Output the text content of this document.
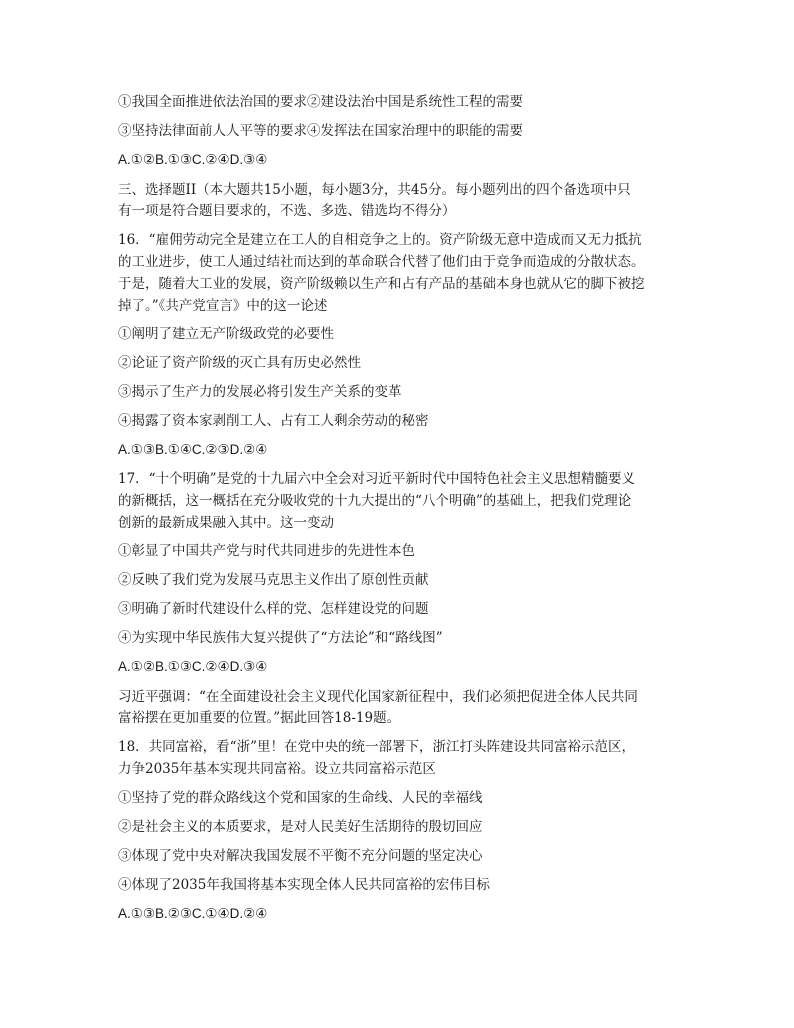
①我国全面推进依法治国的要求②建设法治中国是系统性工程的需要
③坚持法律面前人人平等的要求④发挥法在国家治理中的职能的需要
A.①②B.①③C.②④D.③④
三、选择题II（本大题共15小题，每小题3分，共45分。每小题列出的四个备选项中只
有一项是符合题目要求的，不选、多选、错选均不得分）
16．“雇佣劳动完全是建立在工人的自相竞争之上的。资产阶级无意中造成而又无力抵抗
的工业进步，使工人通过结社而达到的革命联合代替了他们由于竞争而造成的分散状态。
于是，随着大工业的发展，资产阶级赖以生产和占有产品的基础本身也就从它的脚下被挖
掉了。”《共产党宣言》中的这一论述
①阐明了建立无产阶级政党的必要性
②论证了资产阶级的灭亡具有历史必然性
③揭示了生产力的发展必将引发生产关系的变革
④揭露了资本家剥削工人、占有工人剩余劳动的秘密
A.①③B.①④C.②③D.②④
17．“十个明确”是党的十九届六中全会对习近平新时代中国特色社会主义思想精髓要义
的新概括，这一概括在充分吸收党的十九大提出的“八个明确”的基础上，把我们党理论
创新的最新成果融入其中。这一变动
①彰显了中国共产党与时代共同进步的先进性本色
②反映了我们党为发展马克思主义作出了原创性贡献
③明确了新时代建设什么样的党、怎样建设党的问题
④为实现中华民族伟大复兴提供了“方法论”和“路线图”
A.①②B.①③C.②④D.③④
习近平强调：“在全面建设社会主义现代化国家新征程中，我们必须把促进全体人民共同
富裕摆在更加重要的位置。”据此回答18-19题。
18．共同富裕，看“浙”里！在党中央的统一部署下，浙江打头阵建设共同富裕示范区，
力争2035年基本实现共同富裕。设立共同富裕示范区
①坚持了党的群众路线这个党和国家的生命线、人民的幸福线
②是社会主义的本质要求，是对人民美好生活期待的殷切回应
③体现了党中央对解决我国发展不平衡不充分问题的坚定决心
④体现了2035年我国将基本实现全体人民共同富裕的宏伟目标
A.①③B.②③C.①④D.②④
